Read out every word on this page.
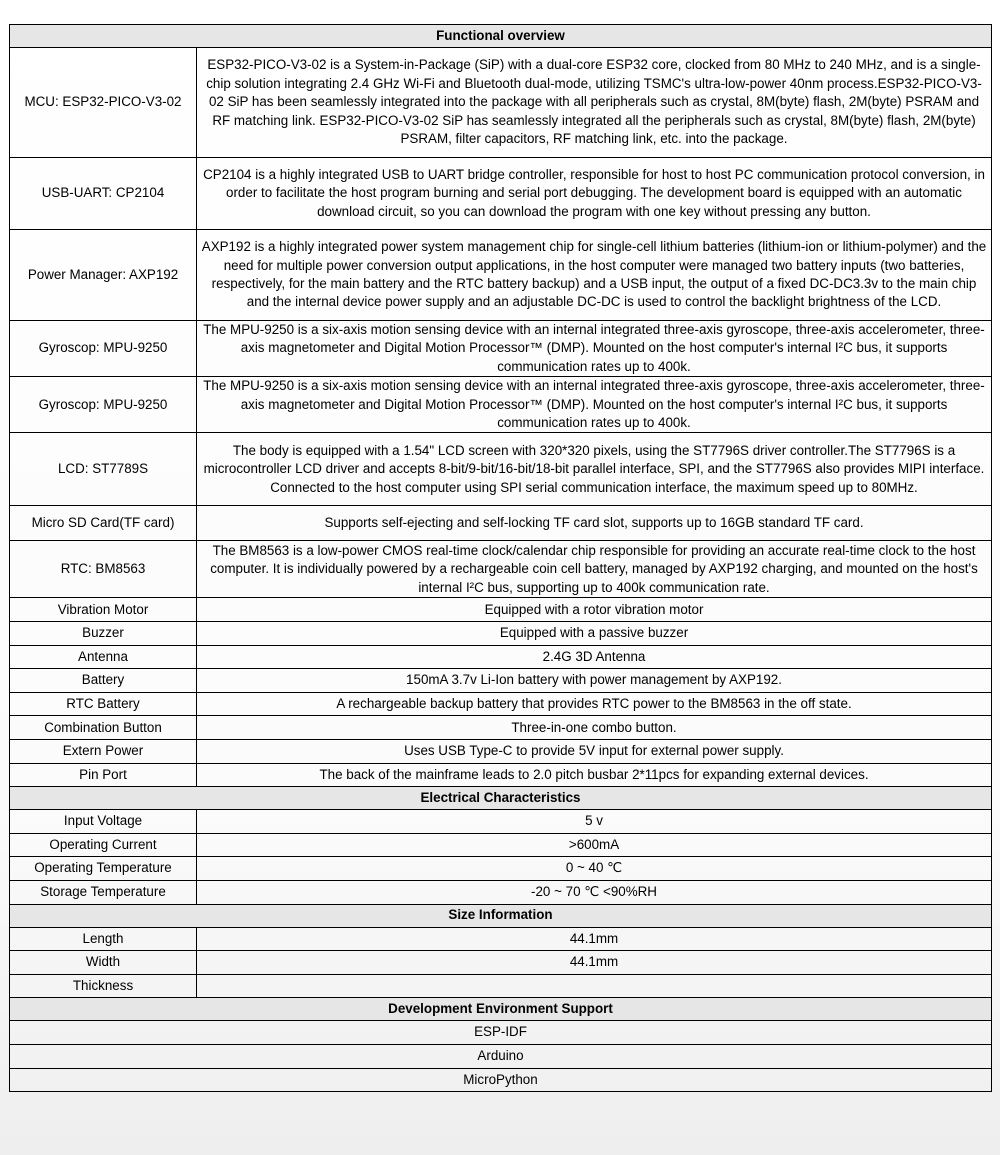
Functional overview	
MCU: ESP32-PICO-V3-02	ESP32-PICO-V3-02 is a System-in-Package (SiP) with a dual-core ESP32 core, clocked from 80 MHz to 240 MHz, and is a single-chip solution integrating 2.4 GHz Wi-Fi and Bluetooth dual-mode, utilizing TSMC's ultra-low-power 40nm process.ESP32-PICO-V3-02 SiP has been seamlessly integrated into the package with all peripherals such as crystal, 8M(byte) flash, 2M(byte) PSRAM and RF matching link. ESP32-PICO-V3-02 SiP has seamlessly integrated all the peripherals such as crystal, 8M(byte) flash, 2M(byte) PSRAM, filter capacitors, RF matching link, etc. into the package.
USB-UART: CP2104	CP2104 is a highly integrated USB to UART bridge controller, responsible for host to host PC communication protocol conversion, in order to facilitate the host program burning and serial port debugging. The development board is equipped with an automatic download circuit, so you can download the program with one key without pressing any button.
Power Manager: AXP192	AXP192 is a highly integrated power system management chip for single-cell lithium batteries (lithium-ion or lithium-polymer) and the need for multiple power conversion output applications, in the host computer were managed two battery inputs (two batteries, respectively, for the main battery and the RTC battery backup) and a USB input, the output of a fixed DC-DC3.3v to the main chip and the internal device power supply and an adjustable DC-DC is used to control the backlight brightness of the LCD.
Gyroscop: MPU-9250	The MPU-9250 is a six-axis motion sensing device with an internal integrated three-axis gyroscope, three-axis accelerometer, three-axis magnetometer and Digital Motion Processor™ (DMP). Mounted on the host computer's internal I²C bus, it supports communication rates up to 400k.
Gyroscop: MPU-9250	The MPU-9250 is a six-axis motion sensing device with an internal integrated three-axis gyroscope, three-axis accelerometer, three-axis magnetometer and Digital Motion Processor™ (DMP). Mounted on the host computer's internal I²C bus, it supports communication rates up to 400k.
LCD: ST7789S	The body is equipped with a 1.54" LCD screen with 320*320 pixels, using the ST7796S driver controller.The ST7796S is a microcontroller LCD driver and accepts 8-bit/9-bit/16-bit/18-bit parallel interface, SPI, and the ST7796S also provides MIPI interface. Connected to the host computer using SPI serial communication interface, the maximum speed up to 80MHz.
Micro SD Card(TF card)	Supports self-ejecting and self-locking TF card slot, supports up to 16GB standard TF card.
RTC: BM8563	The BM8563 is a low-power CMOS real-time clock/calendar chip responsible for providing an accurate real-time clock to the host computer. It is individually powered by a rechargeable coin cell battery, managed by AXP192 charging, and mounted on the host's internal I²C bus, supporting up to 400k communication rate.
Vibration Motor	Equipped with a rotor vibration motor
Buzzer	Equipped with a passive buzzer
Antenna	2.4G 3D Antenna
Battery	150mA 3.7v Li-Ion battery with power management by AXP192.
RTC Battery	A rechargeable backup battery that provides RTC power to the BM8563 in the off state.
Combination Button	Three-in-one combo button.
Extern Power	Uses USB Type-C to provide 5V input for external power supply.
Pin Port	The back of the mainframe leads to 2.0 pitch busbar 2*11pcs for expanding external devices.
Electrical Characteristics	
Input Voltage	5 v
Operating Current	>600mA
Operating Temperature	0 ~ 40 ℃
Storage Temperature	-20 ~ 70 ℃ <90%RH
Size Information	
Length	44.1mm
Width	44.1mm
Thickness	
Development Environment Support	
ESP-IDF	
Arduino	
MicroPython	
